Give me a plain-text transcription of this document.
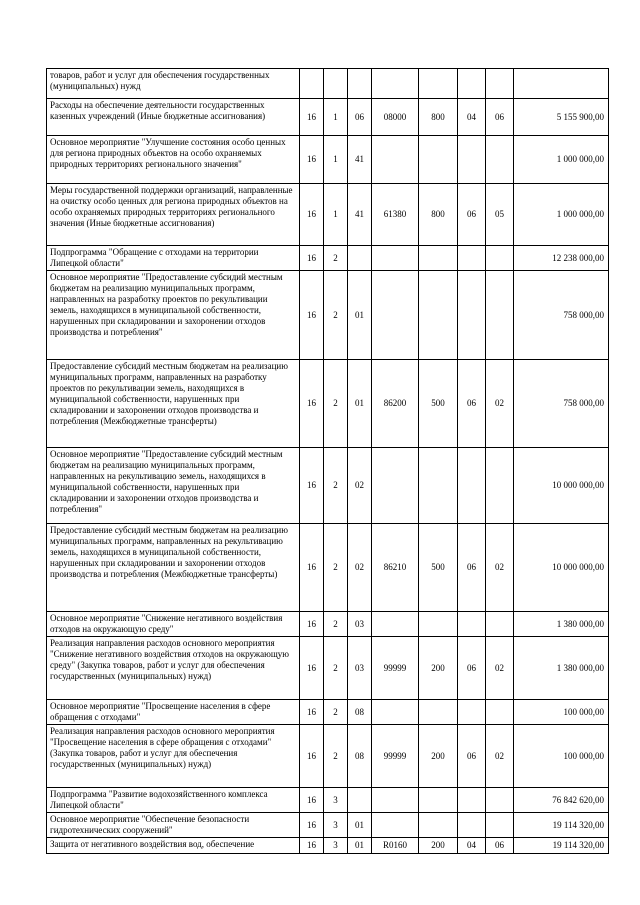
товаров, работ и услуг для обеспечения государственных (муниципальных) нужд								
Расходы на обеспечение деятельности государственных казенных учреждений (Иные бюджетные ассигнования)	16	1	06	08000	800	04	06	5 155 900,00
Основное мероприятие "Улучшение состояния особо ценных для региона природных объектов на особо охраняемых природных территориях регионального значения"	16	1	41					1 000 000,00
Меры государственной поддержки организаций, направленные на очистку особо ценных для региона природных объектов на особо охраняемых природных территориях регионального значения (Иные бюджетные ассигнования)	16	1	41	61380	800	06	05	1 000 000,00
Подпрограмма "Обращение с отходами на территории Липецкой области"	16	2						12 238 000,00
Основное мероприятие "Предоставление субсидий местным бюджетам на реализацию муниципальных программ, направленных на разработку проектов по рекультивации земель, находящихся в муниципальной собственности, нарушенных при складировании и захоронении отходов производства и потребления"	16	2	01					758 000,00
Предоставление субсидий местным бюджетам на реализацию муниципальных программ, направленных на разработку проектов по рекультивации земель, находящихся в муниципальной собственности, нарушенных при складировании и захоронении отходов производства и потребления (Межбюджетные трансферты)	16	2	01	86200	500	06	02	758 000,00
Основное мероприятие "Предоставление субсидий местным бюджетам на реализацию муниципальных программ, направленных на рекультивацию земель, находящихся в муниципальной собственности, нарушенных при складировании и захоронении отходов производства и потребления"	16	2	02					10 000 000,00
Предоставление субсидий местным бюджетам на реализацию муниципальных программ, направленных на рекультивацию земель, находящихся в муниципальной собственности, нарушенных при складировании и захоронении отходов производства и потребления (Межбюджетные трансферты)	16	2	02	86210	500	06	02	10 000 000,00
Основное мероприятие "Снижение негативного воздействия отходов на окружающую среду"	16	2	03					1 380 000,00
Реализация направления расходов основного мероприятия "Снижение негативного воздействия отходов на окружающую среду" (Закупка товаров, работ и услуг для обеспечения государственных (муниципальных) нужд)	16	2	03	99999	200	06	02	1 380 000,00
Основное мероприятие "Просвещение населения в сфере обращения с отходами"	16	2	08					100 000,00
Реализация направления расходов основного мероприятия "Просвещение населения в сфере обращения с отходами" (Закупка товаров, работ и услуг для обеспечения государственных (муниципальных) нужд)	16	2	08	99999	200	06	02	100 000,00
Подпрограмма "Развитие водохозяйственного комплекса Липецкой области"	16	3						76 842 620,00
Основное мероприятие "Обеспечение безопасности гидротехнических сооружений"	16	3	01					19 114 320,00
Защита от негативного воздействия вод, обеспечение	16	3	01	R0160	200	04	06	19 114 320,00
